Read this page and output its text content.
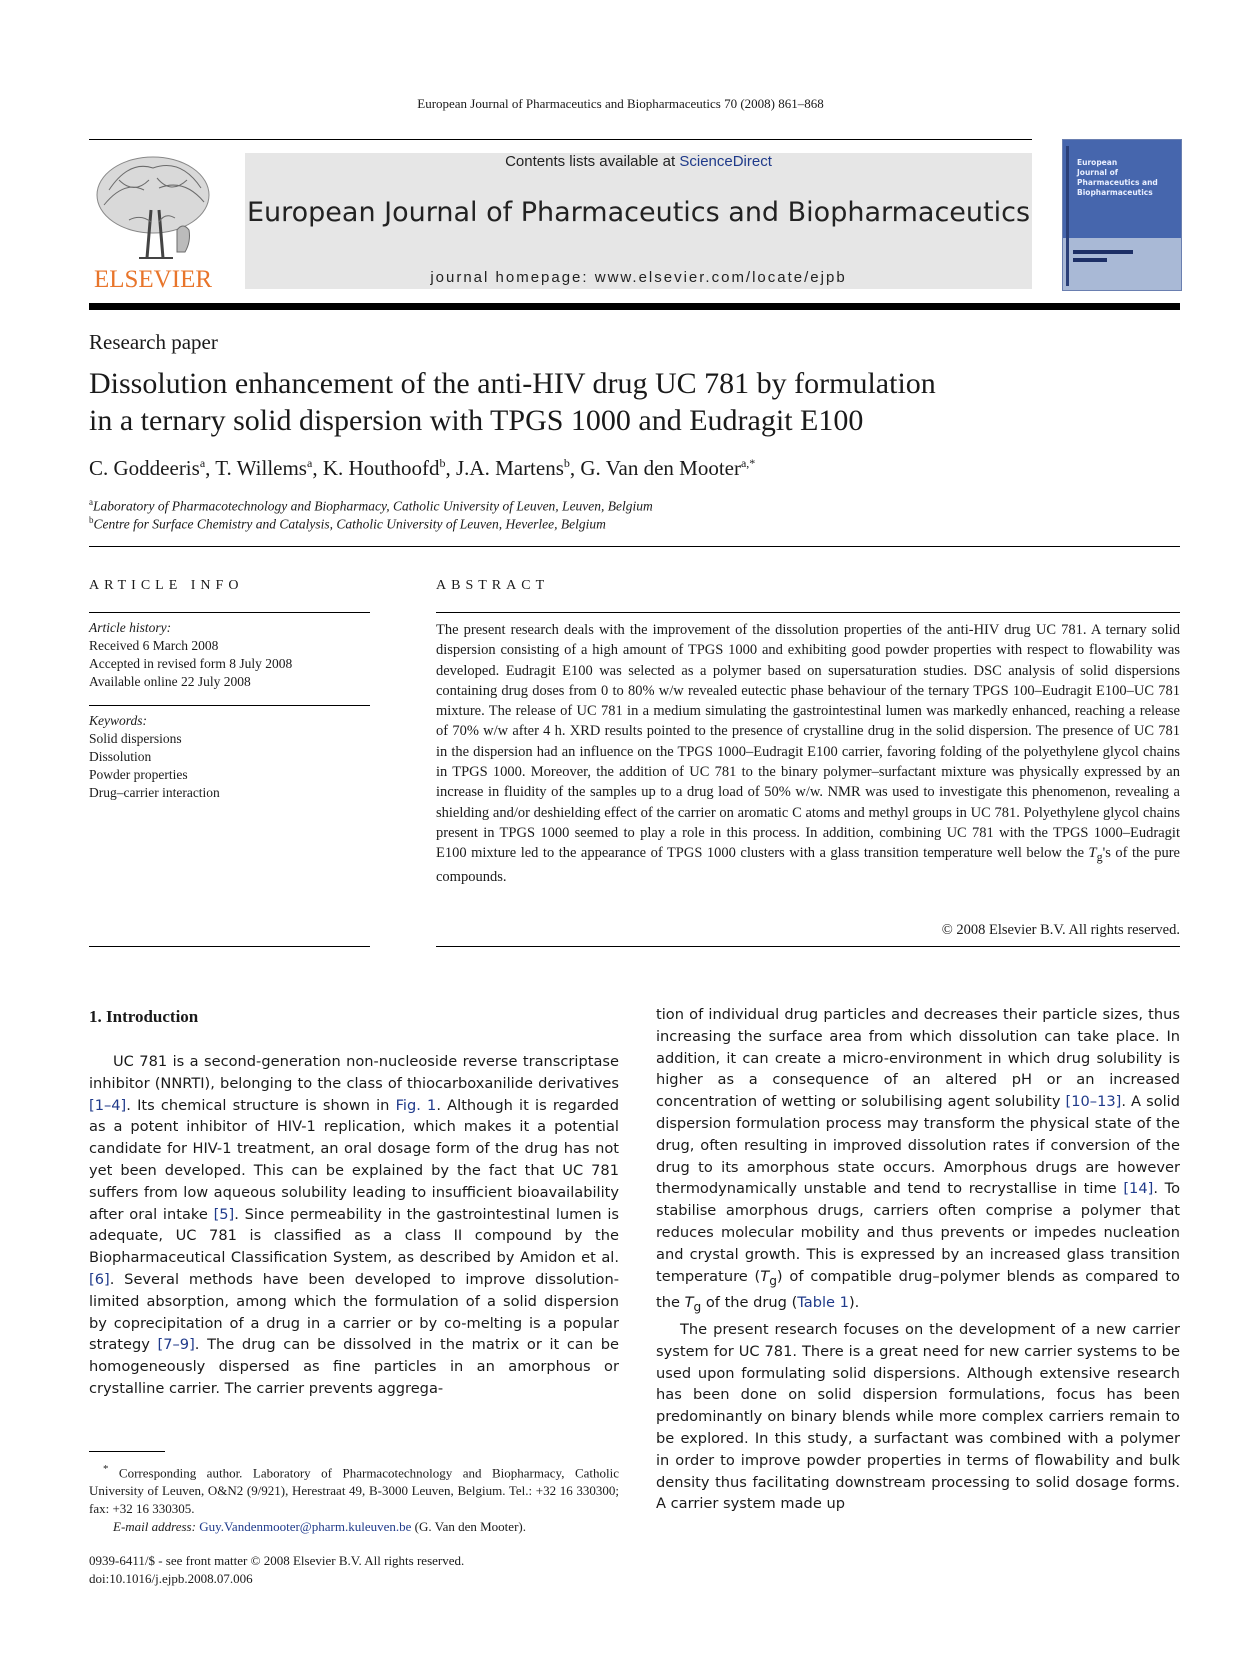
European Journal of Pharmaceutics and Biopharmaceutics 70 (2008) 861–868
ELSEVIER
Contents lists available at ScienceDirect
European Journal of Pharmaceutics and Biopharmaceutics
journal homepage: www.elsevier.com/locate/ejpb
European
Journal of
Pharmaceutics and
Biopharmaceutics
Research paper
Dissolution enhancement of the anti-HIV drug UC 781 by formulation
in a ternary solid dispersion with TPGS 1000 and Eudragit E100
C. Goddeeris$^a$, T. Willems$^a$, K. Houthoofd$^b$, J.A. Martens$^b$, G. Van den Mooter$^{a,*}$
$^a$Laboratory of Pharmacotechnology and Biopharmacy, Catholic University of Leuven, Leuven, Belgium
$^b$Centre for Surface Chemistry and Catalysis, Catholic University of Leuven, Heverlee, Belgium
ARTICLE INFO
Article history:
Received 6 March 2008
Accepted in revised form 8 July 2008
Available online 22 July 2008
Keywords:
Solid dispersions
Dissolution
Powder properties
Drug–carrier interaction
ABSTRACT
The present research deals with the improvement of the dissolution properties of the anti-HIV drug UC 781. A ternary solid dispersion consisting of a high amount of TPGS 1000 and exhibiting good powder properties with respect to flowability was developed. Eudragit E100 was selected as a polymer based on supersaturation studies. DSC analysis of solid dispersions containing drug doses from 0 to 80% w/w revealed eutectic phase behaviour of the ternary TPGS 100–Eudragit E100–UC 781 mixture. The release of UC 781 in a medium simulating the gastrointestinal lumen was markedly enhanced, reaching a release of 70% w/w after 4 h. XRD results pointed to the presence of crystalline drug in the solid dispersion. The presence of UC 781 in the dispersion had an influence on the TPGS 1000–Eudragit E100 carrier, favoring folding of the polyethylene glycol chains in TPGS 1000. Moreover, the addition of UC 781 to the binary polymer–surfactant mixture was physically expressed by an increase in fluidity of the samples up to a drug load of 50% w/w. NMR was used to investigate this phenomenon, revealing a shielding and/or deshielding effect of the carrier on aromatic C atoms and methyl groups in UC 781. Polyethylene glycol chains present in TPGS 1000 seemed to play a role in this process. In addition, combining UC 781 with the TPGS 1000–Eudragit E100 mixture led to the appearance of TPGS 1000 clusters with a glass transition temperature well below the $T_g's$ of the pure compounds.
© 2008 Elsevier B.V. All rights reserved.
1. Introduction

UC 781 is a second-generation non-nucleoside reverse transcriptase inhibitor (NNRTI), belonging to the class of thiocarboxanilide derivatives [1–4]. Its chemical structure is shown in Fig. 1. Although it is regarded as a potent inhibitor of HIV-1 replication, which makes it a potential candidate for HIV-1 treatment, an oral dosage form of the drug has not yet been developed. This can be explained by the fact that UC 781 suffers from low aqueous solubility leading to insufficient bioavailability after oral intake [5]. Since permeability in the gastrointestinal lumen is adequate, UC 781 is classified as a class II compound by the Biopharmaceutical Classification System, as described by Amidon et al. [6]. Several methods have been developed to improve dissolution-limited absorption, among which the formulation of a solid dispersion by coprecipitation of a drug in a carrier or by co-melting is a popular strategy [7–9]. The drug can be dissolved in the matrix or it can be homogeneously dispersed as fine particles in an amorphous or crystalline carrier. The carrier prevents aggrega-

tion of individual drug particles and decreases their particle sizes, thus increasing the surface area from which dissolution can take place. In addition, it can create a micro-environment in which drug solubility is higher as a consequence of an altered pH or an increased concentration of wetting or solubilising agent solubility [10–13]. A solid dispersion formulation process may transform the physical state of the drug, often resulting in improved dissolution rates if conversion of the drug to its amorphous state occurs. Amorphous drugs are however thermodynamically unstable and tend to recrystallise in time [14]. To stabilise amorphous drugs, carriers often comprise a polymer that reduces molecular mobility and thus prevents or impedes nucleation and crystal growth. This is expressed by an increased glass transition temperature $(T_g)$ of compatible drug–polymer blends as compared to the $T_g$ of the drug (Table 1).

The present research focuses on the development of a new carrier system for UC 781. There is a great need for new carrier systems to be used upon formulating solid dispersions. Although extensive research has been done on solid dispersion formulations, focus has been predominantly on binary blends while more complex carriers remain to be explored. In this study, a surfactant was combined with a polymer in order to improve powder properties in terms of flowability and bulk density thus facilitating downstream processing to solid dosage forms. A carrier system made up

* Corresponding author. Laboratory of Pharmacotechnology and Biopharmacy, Catholic University of Leuven, O&N2 (9/921), Herestraat 49, B-3000 Leuven, Belgium. Tel.: +32 16 330300; fax: +32 16 330305.
E-mail address: Guy.Vandenmooter@pharm.kuleuven.be (G. Van den Mooter).
0939-6411/$ - see front matter © 2008 Elsevier B.V. All rights reserved.
doi:10.1016/j.ejpb.2008.07.006
